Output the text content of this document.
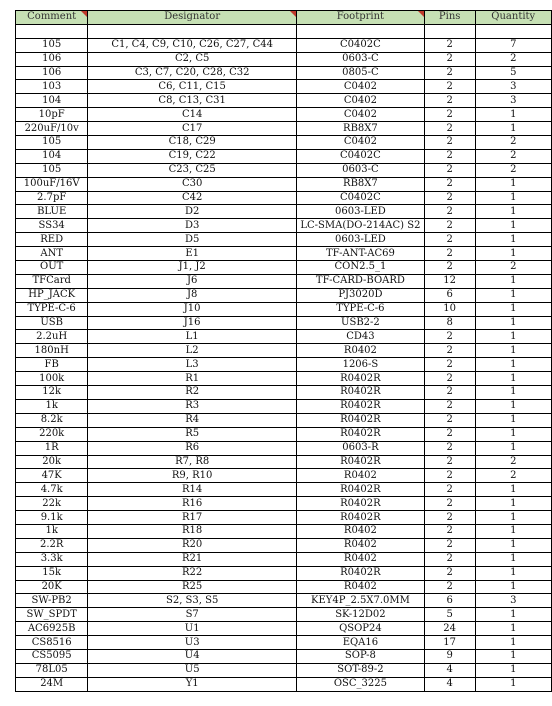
Comment	Designator	Footprint	Pins	Quantity

105	C1, C4, C9, C10, C26, C27, C44	C0402C	2	7
106	C2, C5	0603-C	2	2
106	C3, C7, C20, C28, C32	0805-C	2	5
103	C6, C11, C15	C0402	2	3
104	C8, C13, C31	C0402	2	3
10pF	C14	C0402	2	1
220uF/10v	C17	RB8X7	2	1
105	C18, C29	C0402	2	2
104	C19, C22	C0402C	2	2
105	C23, C25	0603-C	2	2
100uF/16V	C30	RB8X7	2	1
2.7pF	C42	C0402C	2	1
BLUE	D2	0603-LED	2	1
SS34	D3	LC-SMA(DO-214AC) S2	2	1
RED	D5	0603-LED	2	1
ANT	E1	TF-ANT-AC69	2	1
OUT	J1, J2	CON2.5_1	2	2
TFCard	J6	TF-CARD-BOARD	12	1
HP_JACK	J8	PJ3020D	6	1
TYPE-C-6	J10	TYPE-C-6	10	1
USB	J16	USB2-2	8	1
2.2uH	L1	CD43	2	1
180nH	L2	R0402	2	1
FB	L3	1206-S	2	1
100k	R1	R0402R	2	1
12k	R2	R0402R	2	1
1k	R3	R0402R	2	1
8.2k	R4	R0402R	2	1
220k	R5	R0402R	2	1
1R	R6	0603-R	2	1
20k	R7, R8	R0402R	2	2
47K	R9, R10	R0402	2	2
4.7k	R14	R0402R	2	1
22k	R16	R0402R	2	1
9.1k	R17	R0402R	2	1
1k	R18	R0402	2	1
2.2R	R20	R0402	2	1
3.3k	R21	R0402	2	1
15k	R22	R0402R	2	1
20K	R25	R0402	2	1
SW-PB2	S2, S3, S5	KEY4P_2.5X7.0MM	6	3
SW_SPDT	S7	SK-12D02	5	1
AC6925B	U1	QSOP24	24	1
CS8516	U3	EQA16	17	1
CS5095	U4	SOP-8	9	1
78L05	U5	SOT-89-2	4	1
24M	Y1	OSC_3225	4	1
